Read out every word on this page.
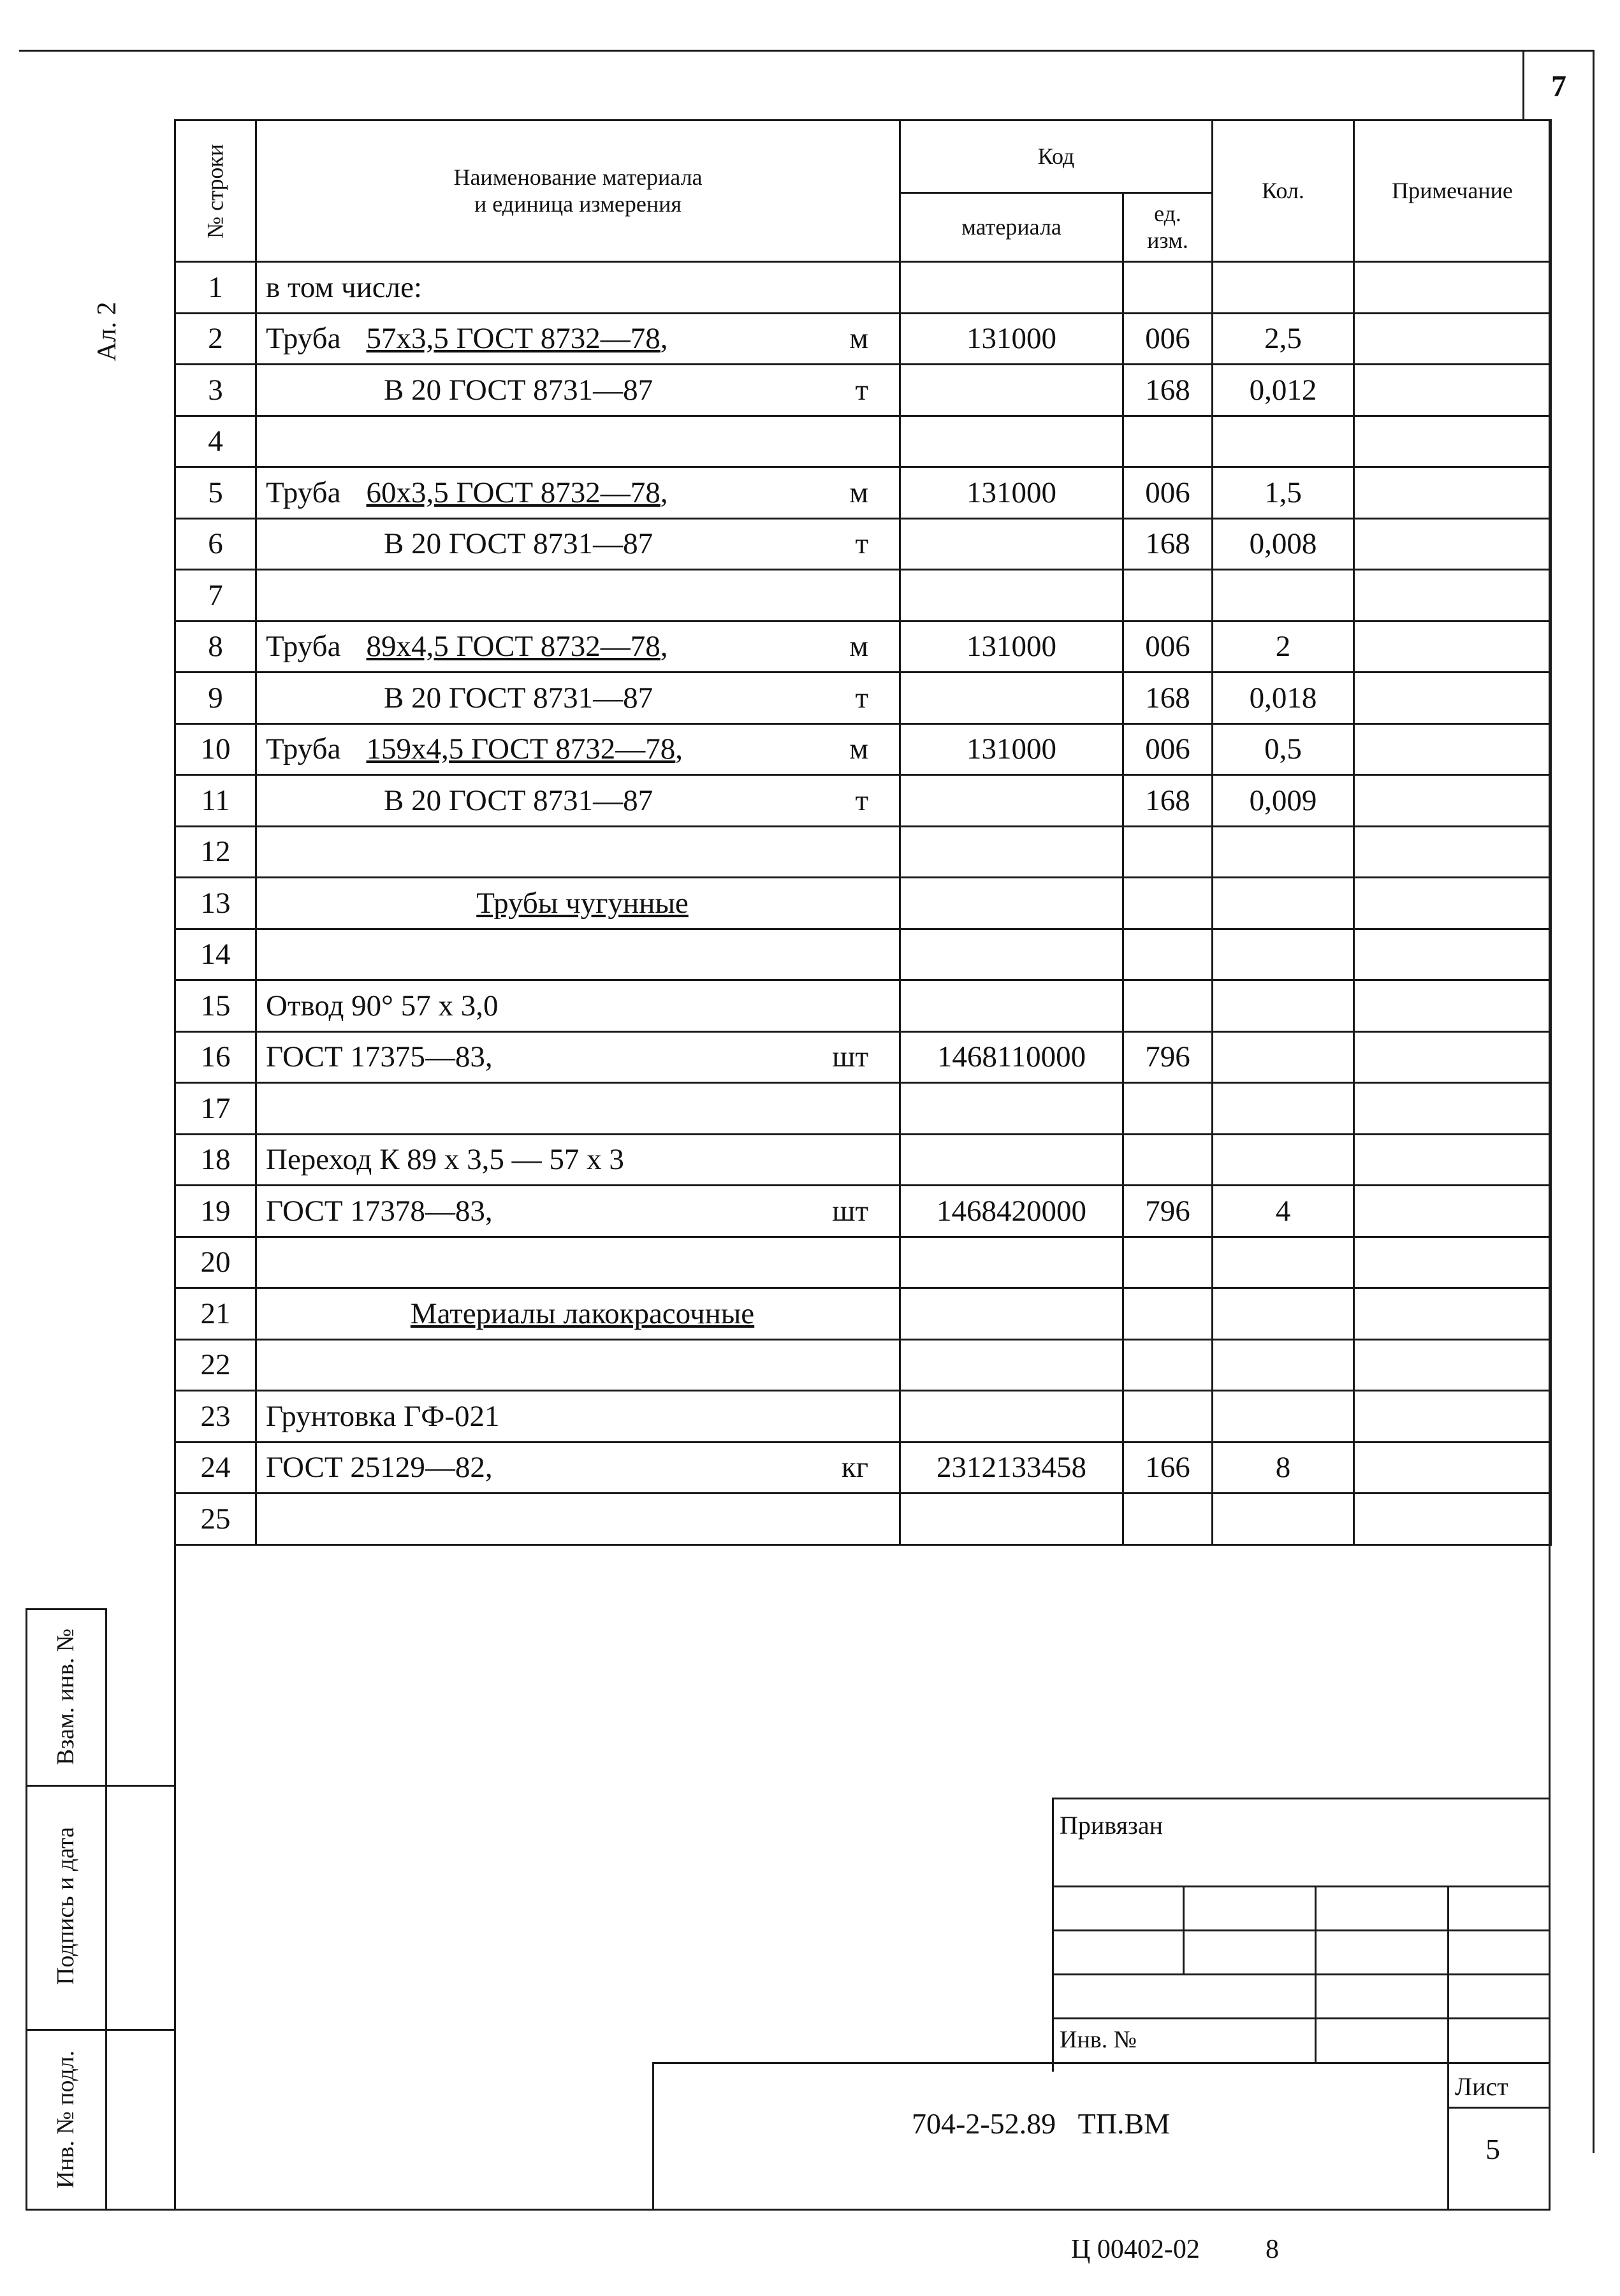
7
Ал. 2
№ строки	Наименование материала
и единица измерения	Код		Кол.	Примечание
		материала	ед.
изм.		

1	в том числе:

2	Труба 57х3,5 ГОСТ 8732—78, м	131000	006	2,5	
3	В 20 ГОСТ 8731—87 т		168	0,012	
4	

5	Труба 60х3,5 ГОСТ 8732—78, м	131000	006	1,5	
6	В 20 ГОСТ 8731—87 т		168	0,008	
7	

8	Труба 89х4,5 ГОСТ 8732—78, м	131000	006	2	
9	В 20 ГОСТ 8731—87 т		168	0,018	
10	Труба 159х4,5 ГОСТ 8732—78, м	131000	006	0,5	
11	В 20 ГОСТ 8731—87 т		168	0,009	
12	

13	Трубы чугунные				

14	

15	Отвод 90° 57 х 3,0

16	ГОСТ 17375—83, шт	1468110000	796		
17	

18	Переход К 89 х 3,5 — 57 х 3

19	ГОСТ 17378—83, шт	1468420000	796	4	
20	

21	Материалы лакокрасочные				

22	

23	Грунтовка ГФ-021

24	ГОСТ 25129—82, кг	2312133458	166	8	
25	

Взам. инв. №
Подпись и дата
Инв. № подл.
Привязан
Инв. №
704-2-52.89   ТП.ВМ
Лист
5
Ц 00402-02 8
